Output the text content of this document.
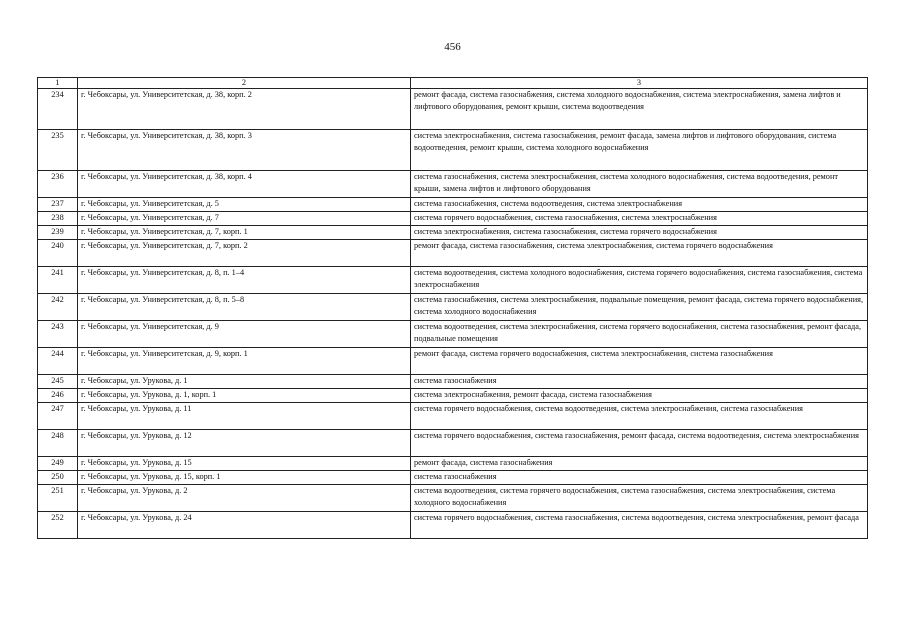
456
1	2	3
234	г. Чебоксары, ул. Университетская, д. 38, корп. 2	ремонт фасада, система газоснабжения, система холодного водоснабжения, система электроснабжения, замена лифтов и лифтового оборудования, ремонт крыши, система водоотведения
235	г. Чебоксары, ул. Университетская, д. 38, корп. 3	система электроснабжения, система газоснабжения, ремонт фасада, замена лифтов и лифтового оборудования, система водоотведения, ремонт крыши, система холодного водоснабжения
236	г. Чебоксары, ул. Университетская, д. 38, корп. 4	система газоснабжения, система электроснабжения, система холодного водоснабжения, система водоотведения, ремонт крыши, замена лифтов и лифтового оборудования
237	г. Чебоксары, ул. Университетская, д. 5	система газоснабжения, система водоотведения, система электроснабжения
238	г. Чебоксары, ул. Университетская, д. 7	система горячего водоснабжения, система газоснабжения, система электроснабжения
239	г. Чебоксары, ул. Университетская, д. 7, корп. 1	система электроснабжения, система газоснабжения, система горячего водоснабжения
240	г. Чебоксары, ул. Университетская, д. 7, корп. 2	ремонт фасада, система газоснабжения, система электроснабжения, система горячего водоснабжения
241	г. Чебоксары, ул. Университетская, д. 8, п. 1–4	система водоотведения, система холодного водоснабжения, система горячего водоснабжения, система газоснабжения, система электроснабжения
242	г. Чебоксары, ул. Университетская, д. 8, п. 5–8	система газоснабжения, система электроснабжения, подвальные помещения, ремонт фасада, система горячего водоснабжения, система холодного водоснабжения
243	г. Чебоксары, ул. Университетская, д. 9	система водоотведения, система электроснабжения, система горячего водоснабжения, система газоснабжения, ремонт фасада, подвальные помещения
244	г. Чебоксары, ул. Университетская, д. 9, корп. 1	ремонт фасада, система горячего водоснабжения, система электроснабжения, система газоснабжения
245	г. Чебоксары, ул. Урукова, д. 1	система газоснабжения
246	г. Чебоксары, ул. Урукова, д. 1, корп. 1	система электроснабжения, ремонт фасада, система газоснабжения
247	г. Чебоксары, ул. Урукова, д. 11	система горячего водоснабжения, система водоотведения, система электроснабжения, система газоснабжения
248	г. Чебоксары, ул. Урукова, д. 12	система горячего водоснабжения, система газоснабжения, ремонт фасада, система водоотведения, система электроснабжения
249	г. Чебоксары, ул. Урукова, д. 15	ремонт фасада, система газоснабжения
250	г. Чебоксары, ул. Урукова, д. 15, корп. 1	система газоснабжения
251	г. Чебоксары, ул. Урукова, д. 2	система водоотведения, система горячего водоснабжения, система газоснабжения, система электроснабжения, система холодного водоснабжения
252	г. Чебоксары, ул. Урукова, д. 24	система горячего водоснабжения, система газоснабжения, система водоотведения, система электроснабжения, ремонт фасада
